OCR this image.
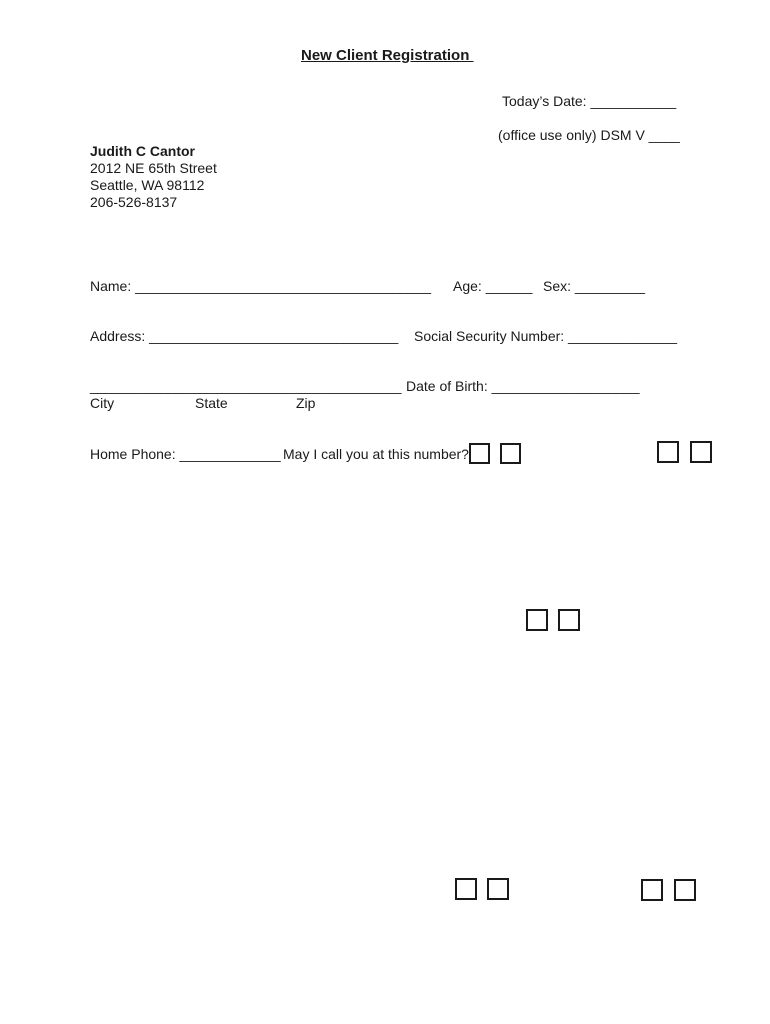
New Client Registration
Today’s Date: ___________
(office use only) DSM V ____
Judith C Cantor
2012 NE 65th Street
Seattle, WA 98112
206-526-8137
Name: ______________________________________ Age: ______ Sex: _________
Address: ________________________________ Social Security Number: ______________
________________________________________ Date of Birth: ___________________
City	State	Zip
Home Phone: _____________ May I call you at this number?
